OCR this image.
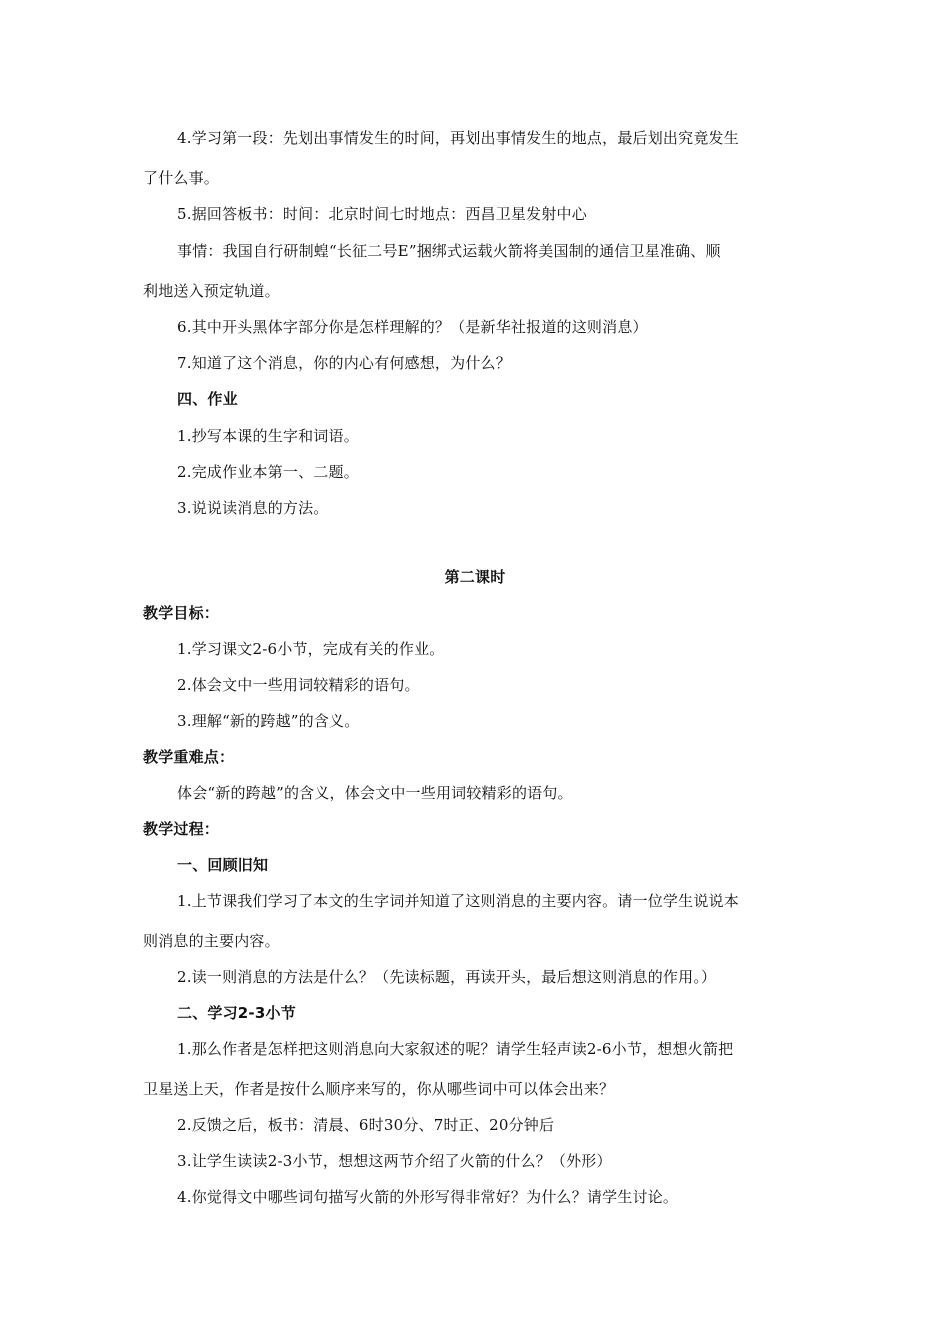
4.学习第一段：先划出事情发生的时间，再划出事情发生的地点，最后划出究竟发生
了什么事。
5.据回答板书：时间：北京时间七时地点：西昌卫星发射中心
事情：我国自行研制蝗“长征二号E”捆绑式运载火箭将美国制的通信卫星准确、顺
利地送入预定轨道。
6.其中开头黑体字部分你是怎样理解的？（是新华社报道的这则消息）
7.知道了这个消息，你的内心有何感想，为什么？
四、作业
1.抄写本课的生字和词语。
2.完成作业本第一、二题。
3.说说读消息的方法。
第二课时
教学目标：
1.学习课文2-6小节，完成有关的作业。
2.体会文中一些用词较精彩的语句。
3.理解“新的跨越”的含义。
教学重难点：
体会“新的跨越”的含义，体会文中一些用词较精彩的语句。
教学过程：
一、回顾旧知
1.上节课我们学习了本文的生字词并知道了这则消息的主要内容。请一位学生说说本
则消息的主要内容。
2.读一则消息的方法是什么？（先读标题，再读开头，最后想这则消息的作用。）
二、学习2-3小节
1.那么作者是怎样把这则消息向大家叙述的呢？请学生轻声读2-6小节，想想火箭把
卫星送上天，作者是按什么顺序来写的，你从哪些词中可以体会出来？
2.反馈之后，板书：清晨、6时30分、7时正、20分钟后
3.让学生读读2-3小节，想想这两节介绍了火箭的什么？（外形）
4.你觉得文中哪些词句描写火箭的外形写得非常好？为什么？请学生讨论。
